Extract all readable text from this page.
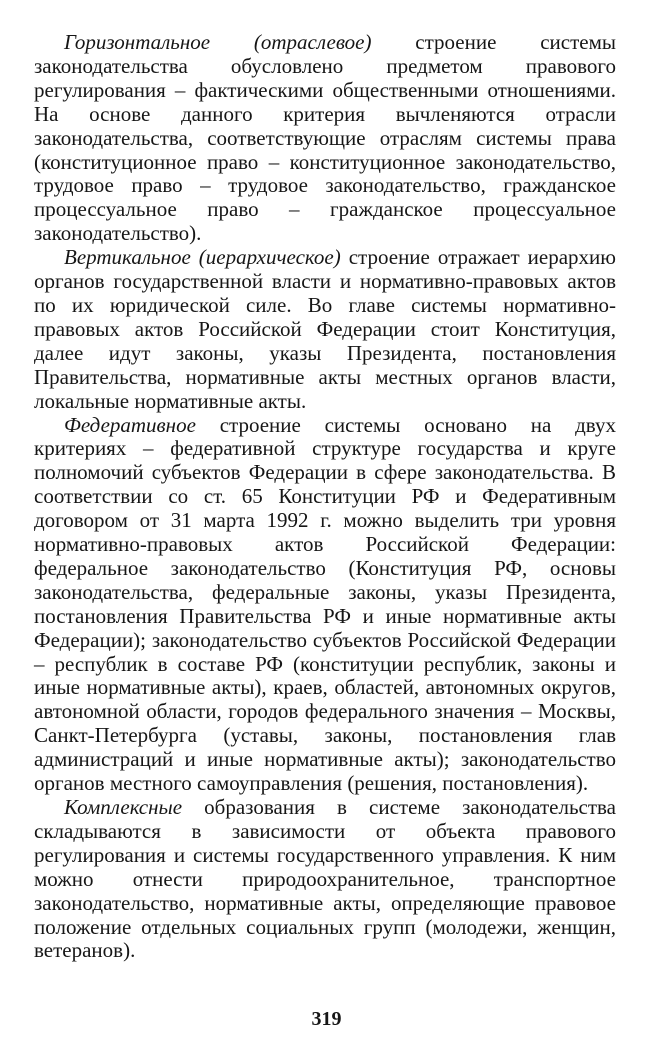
Горизонтальное (отраслевое) строение системы законодательства обусловлено предметом правового регулирования – фактическими общественными отношениями. На основе данного критерия вычленяются отрасли законодательства, соответствующие отраслям системы права (конституционное право – конституционное законодательство, трудовое право – трудовое законодательство, гражданское процессуальное право – гражданское процессуальное законодательство).

Вертикальное (иерархическое) строение отражает иерархию органов государственной власти и нормативно-правовых актов по их юридической силе. Во главе системы нормативно-правовых актов Российской Федерации стоит Конституция, далее идут законы, указы Президента, постановления Правительства, нормативные акты местных органов власти, локальные нормативные акты.

Федеративное строение системы основано на двух критериях – федеративной структуре государства и круге полномочий субъектов Федерации в сфере законодательства. В соответствии со ст. 65 Конституции РФ и Федеративным договором от 31 марта 1992 г. можно выделить три уровня нормативно-правовых актов Российской Федерации: федеральное законодательство (Конституция РФ, основы законодательства, федеральные законы, указы Президента, постановления Правительства РФ и иные нормативные акты Федерации); законодательство субъектов Российской Федерации – республик в составе РФ (конституции республик, законы и иные нормативные акты), краев, областей, автономных округов, автономной области, городов федерального значения – Москвы, Санкт-Петербурга (уставы, законы, постановления глав администраций и иные нормативные акты); законодательство органов местного самоуправления (решения, постановления).

Комплексные образования в системе законодательства складываются в зависимости от объекта правового регулирования и системы государственного управления. К ним можно отнести природоохранительное, транспортное законодательство, нормативные акты, определяющие правовое положение отдельных социальных групп (молодежи, женщин, ветеранов).

319
